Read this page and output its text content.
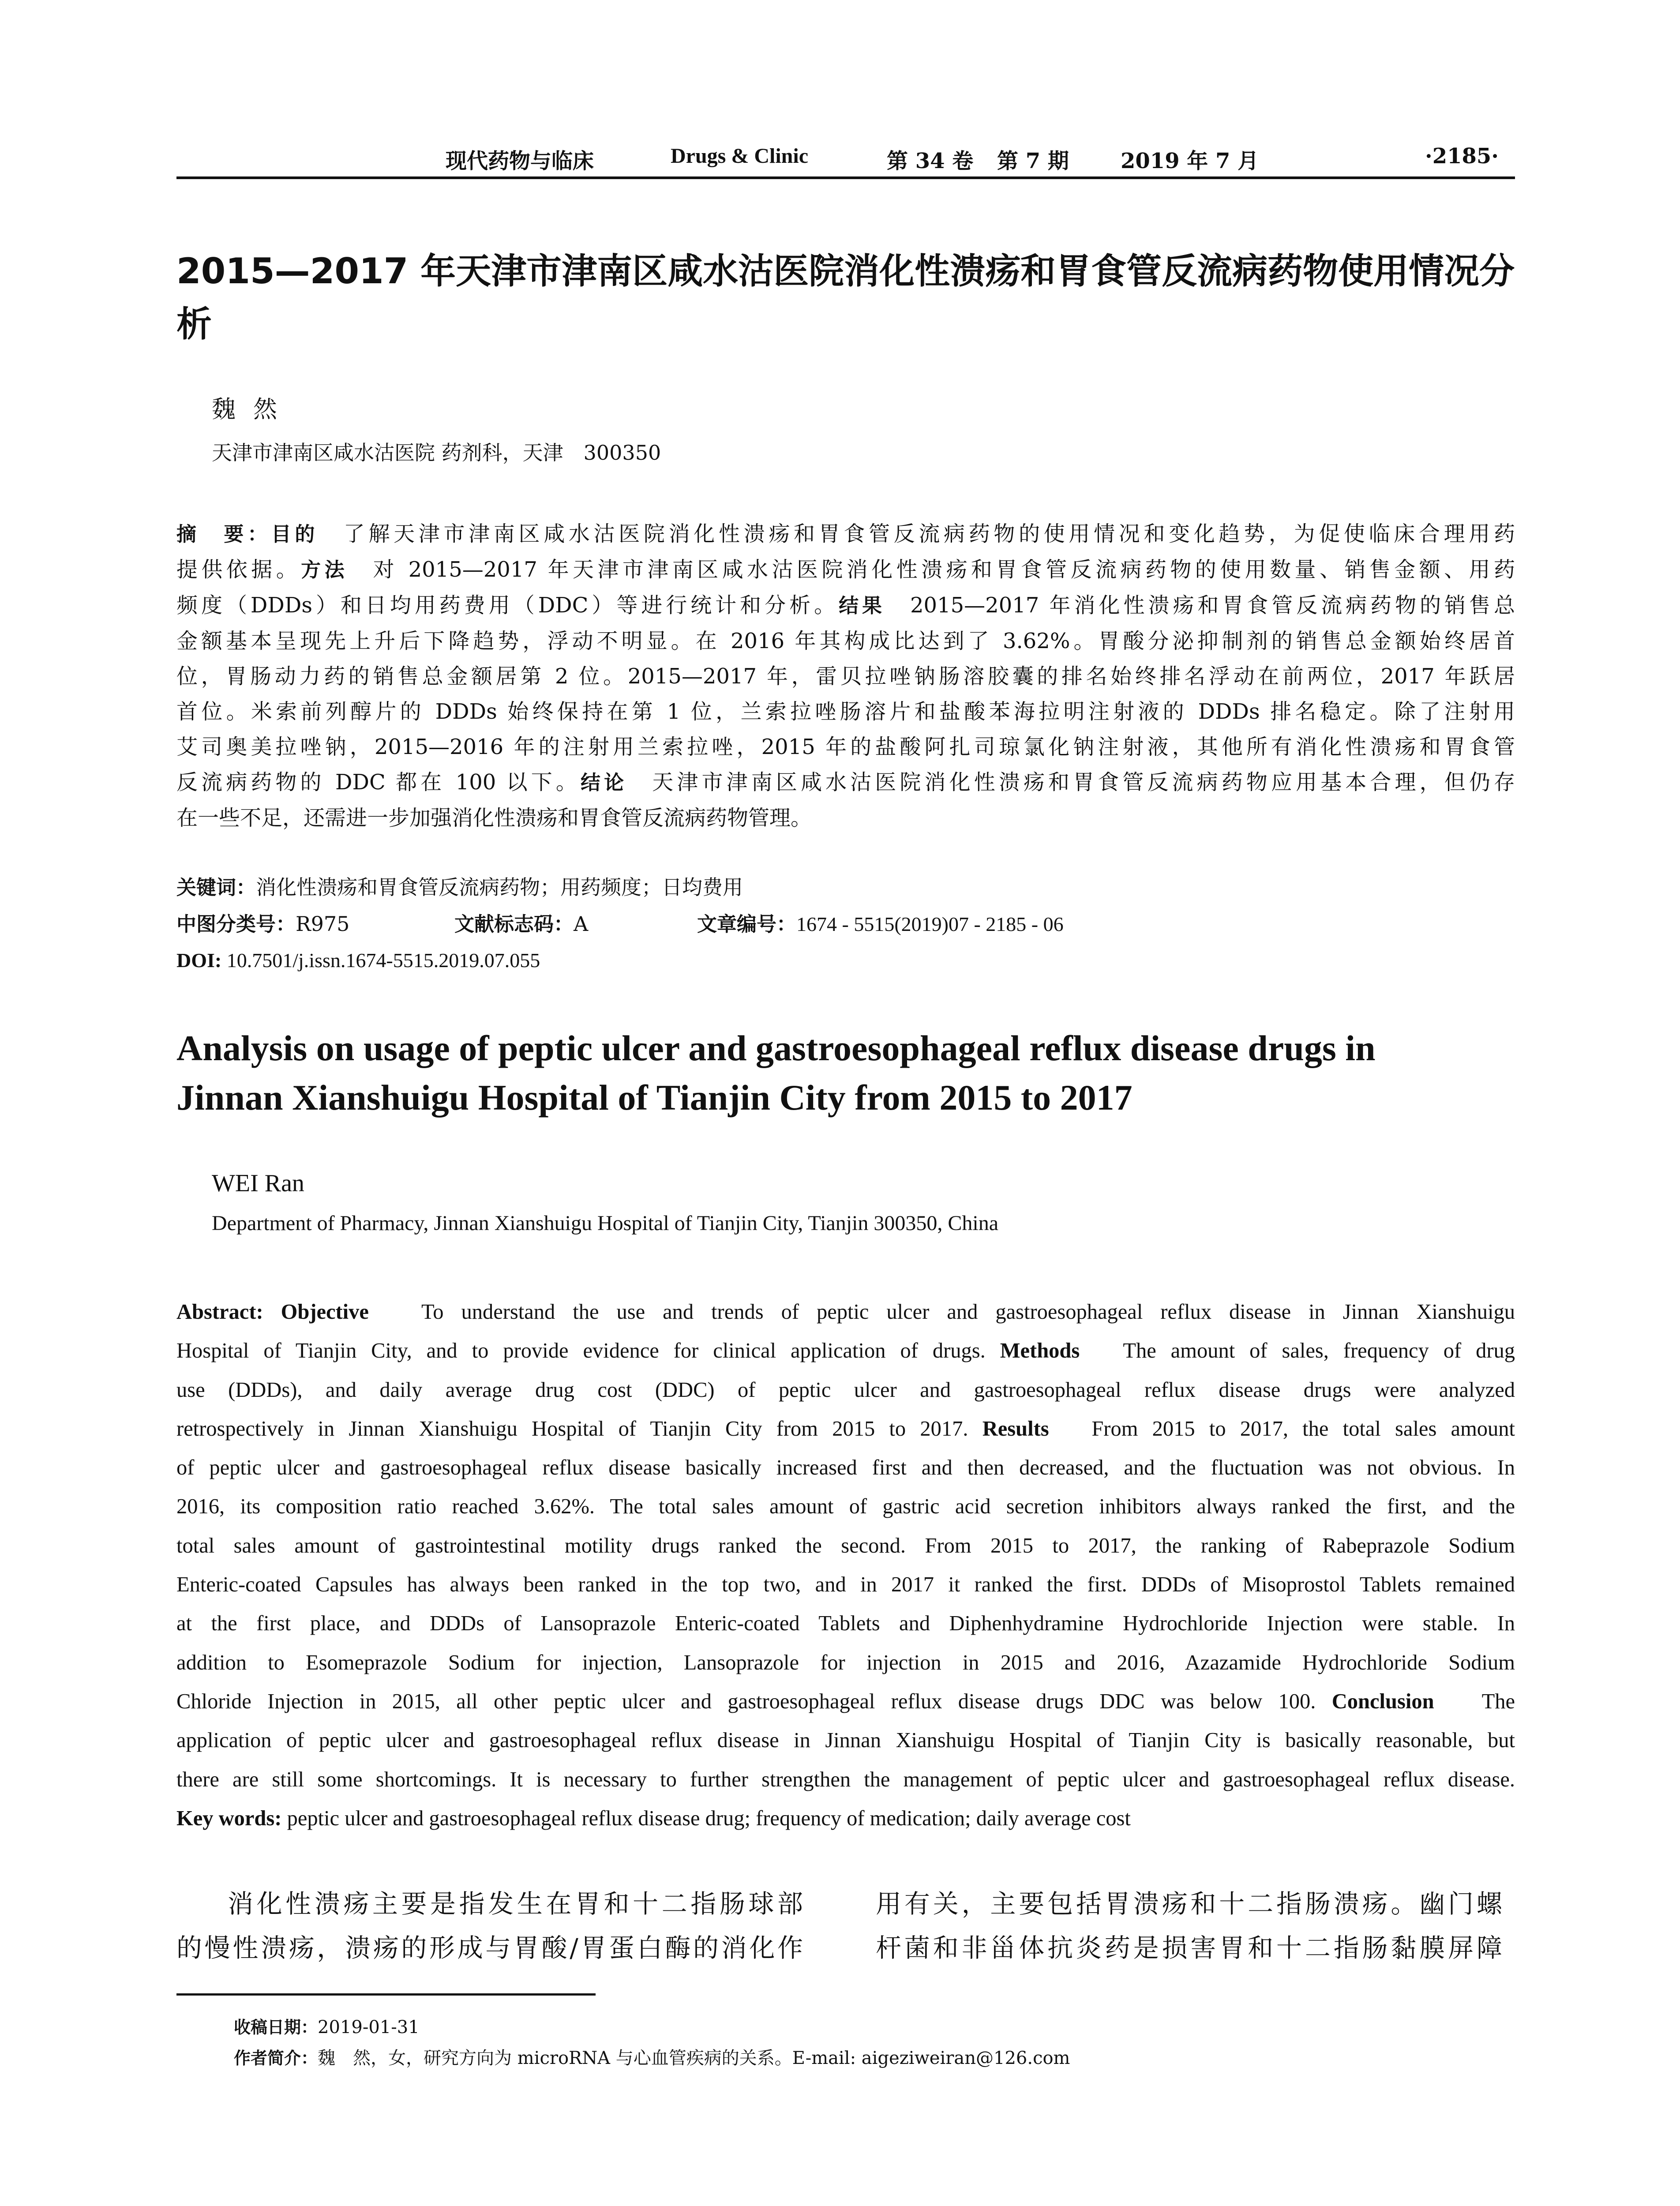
现代药物与临床	Drugs & Clinic	第 34 卷 第 7 期 2019 年 7 月	·2185·
2015—2017 年天津市津南区咸水沽医院消化性溃疡和胃食管反流病药物使用情况分析
魏然
天津市津南区咸水沽医院 药剂科，天津　300350
摘　要：目的　 了解天津市津南区咸水沽医院消化性溃疡和胃食管反流病药物的使用情况和变化趋势，为促使临床合理用药
提供依据。方法　 对 2015—2017 年天津市津南区咸水沽医院消化性溃疡和胃食管反流病药物的使用数量、销售金额、用药
频度（DDDs）和日均用药费用（DDC）等进行统计和分析。结果　 2015—2017 年消化性溃疡和胃食管反流病药物的销售总
金额基本呈现先上升后下降趋势，浮动不明显。在 2016 年其构成比达到了 3.62%。胃酸分泌抑制剂的销售总金额始终居首
位，胃肠动力药的销售总金额居第 2 位。2015—2017 年，雷贝拉唑钠肠溶胶囊的排名始终排名浮动在前两位，2017 年跃居
首位。米索前列醇片的 DDDs 始终保持在第 1 位，兰索拉唑肠溶片和盐酸苯海拉明注射液的 DDDs 排名稳定。除了注射用
艾司奥美拉唑钠，2015—2016 年的注射用兰索拉唑，2015 年的盐酸阿扎司琼氯化钠注射液，其他所有消化性溃疡和胃食管
反流病药物的 DDC 都在 100 以下。结论　 天津市津南区咸水沽医院消化性溃疡和胃食管反流病药物应用基本合理，但仍存
在一些不足，还需进一步加强消化性溃疡和胃食管反流病药物管理。
关键词：消化性溃疡和胃食管反流病药物；用药频度；日均费用
中图分类号：R975	文献标志码：A	文章编号：1674 - 5515(2019)07 - 2185 - 06
DOI: 10.7501/j.issn.1674-5515.2019.07.055
Analysis on usage of peptic ulcer and gastroesophageal reflux disease drugs in
Jinnan Xianshuigu Hospital of Tianjin City from 2015 to 2017
WEI Ran
Department of Pharmacy, Jinnan Xianshuigu Hospital of Tianjin City, Tianjin 300350, China
Abstract: Objective To understand the use and trends of peptic ulcer and gastroesophageal reflux disease in Jinnan Xianshuigu
Hospital of Tianjin City, and to provide evidence for clinical application of drugs. Methods The amount of sales, frequency of drug
use (DDDs), and daily average drug cost (DDC) of peptic ulcer and gastroesophageal reflux disease drugs were analyzed
retrospectively in Jinnan Xianshuigu Hospital of Tianjin City from 2015 to 2017. Results From 2015 to 2017, the total sales amount
of peptic ulcer and gastroesophageal reflux disease basically increased first and then decreased, and the fluctuation was not obvious. In
2016, its composition ratio reached 3.62%. The total sales amount of gastric acid secretion inhibitors always ranked the first, and the
total sales amount of gastrointestinal motility drugs ranked the second. From 2015 to 2017, the ranking of Rabeprazole Sodium
Enteric-coated Capsules has always been ranked in the top two, and in 2017 it ranked the first. DDDs of Misoprostol Tablets remained
at the first place, and DDDs of Lansoprazole Enteric-coated Tablets and Diphenhydramine Hydrochloride Injection were stable. In
addition to Esomeprazole Sodium for injection, Lansoprazole for injection in 2015 and 2016, Azazamide Hydrochloride Sodium
Chloride Injection in 2015, all other peptic ulcer and gastroesophageal reflux disease drugs DDC was below 100. Conclusion The
application of peptic ulcer and gastroesophageal reflux disease in Jinnan Xianshuigu Hospital of Tianjin City is basically reasonable, but
there are still some shortcomings. It is necessary to further strengthen the management of peptic ulcer and gastroesophageal reflux disease.
Key words: peptic ulcer and gastroesophageal reflux disease drug; frequency of medication; daily average cost
消化性溃疡主要是指发生在胃和十二指肠球部
的慢性溃疡，溃疡的形成与胃酸/胃蛋白酶的消化作
用有关，主要包括胃溃疡和十二指肠溃疡。幽门螺
杆菌和非甾体抗炎药是损害胃和十二指肠黏膜屏障
收稿日期：2019-01-31
作者简介：魏　然，女，研究方向为 microRNA 与心血管疾病的关系。E-mail: aigeziweiran@126.com
